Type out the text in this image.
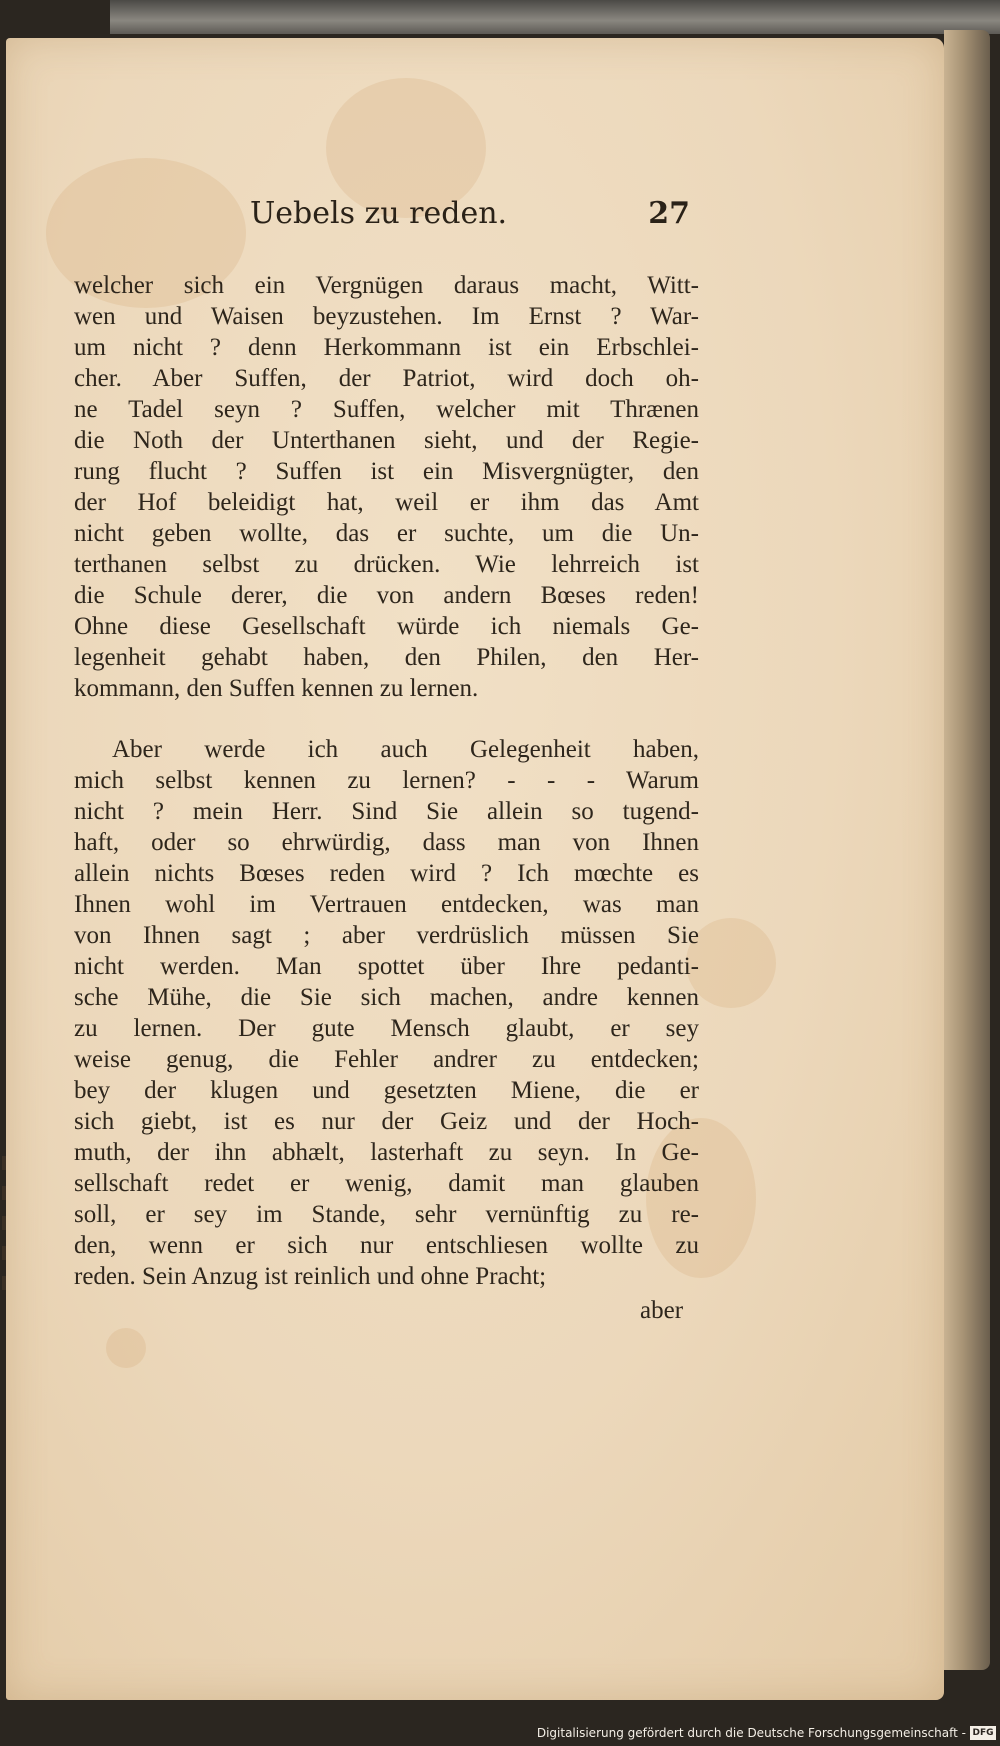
Uebels zu reden.	27
welcher sich ein Vergnügen daraus macht, Witt-
wen und Waisen beyzustehen. Im Ernst ? War-
um nicht ? denn Herkommann ist ein Erbschlei-
cher. Aber Suffen, der Patriot, wird doch oh-
ne Tadel seyn ? Suffen, welcher mit Thrænen
die Noth der Unterthanen sieht, und der Regie-
rung flucht ? Suffen ist ein Misvergnügter, den
der Hof beleidigt hat, weil er ihm das Amt
nicht geben wollte, das er suchte, um die Un-
terthanen selbst zu drücken. Wie lehrreich ist
die Schule derer, die von andern Bœses reden!
Ohne diese Gesellschaft würde ich niemals Ge-
legenheit gehabt haben, den Philen, den Her-
kommann, den Suffen kennen zu lernen.
Aber werde ich auch Gelegenheit haben,
mich selbst kennen zu lernen? - - - Warum
nicht ? mein Herr. Sind Sie allein so tugend-
haft, oder so ehrwürdig, dass man von Ihnen
allein nichts Bœses reden wird ? Ich mœchte es
Ihnen wohl im Vertrauen entdecken, was man
von Ihnen sagt ; aber verdrüslich müssen Sie
nicht werden. Man spottet über Ihre pedanti-
sche Mühe, die Sie sich machen, andre kennen
zu lernen. Der gute Mensch glaubt, er sey
weise genug, die Fehler andrer zu entdecken;
bey der klugen und gesetzten Miene, die er
sich giebt, ist es nur der Geiz und der Hoch-
muth, der ihn abhælt, lasterhaft zu seyn. In Ge-
sellschaft redet er wenig, damit man glauben
soll, er sey im Stande, sehr vernünftig zu re-
den, wenn er sich nur entschliesen wollte zu
reden. Sein Anzug ist reinlich und ohne Pracht;
aber
Digitalisierung gefördert durch die Deutsche Forschungsgemeinschaft - DFG
